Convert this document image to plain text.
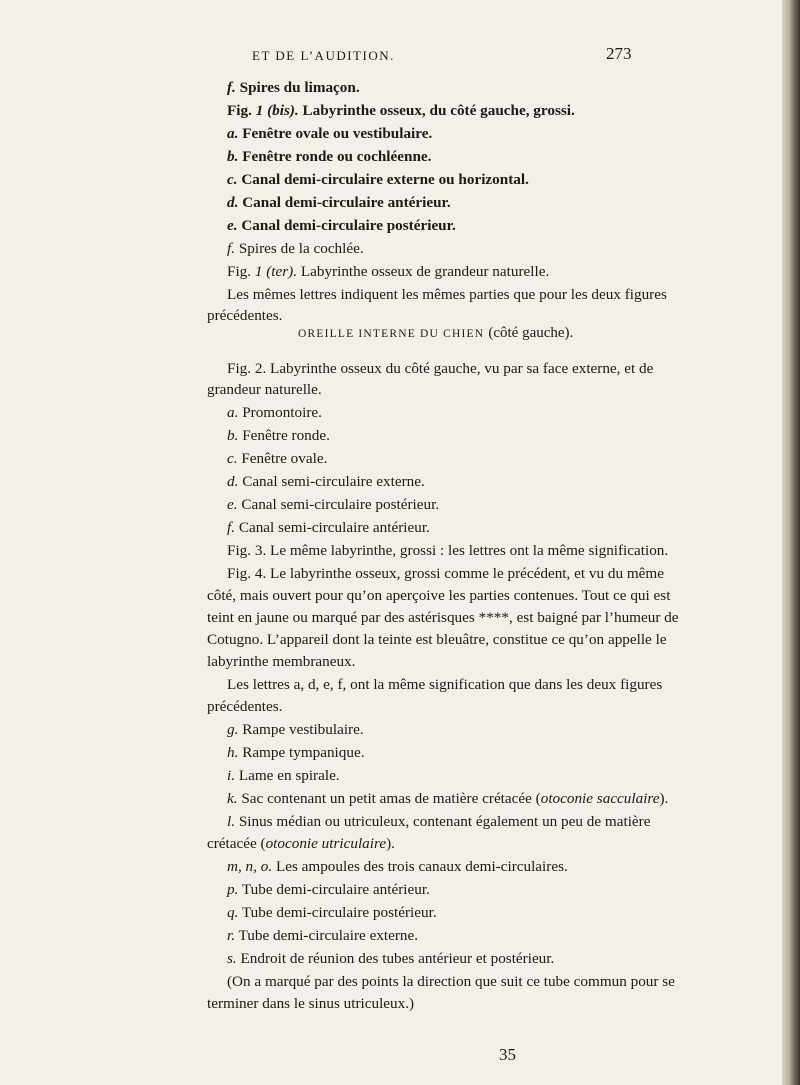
ET DE L’AUDITION.	273
f. Spires du limaçon.
Fig. 1 (bis). Labyrinthe osseux, du côté gauche, grossi.
a. Fenêtre ovale ou vestibulaire.
b. Fenêtre ronde ou cochléenne.
c. Canal demi-circulaire externe ou horizontal.
d. Canal demi-circulaire antérieur.
e. Canal demi-circulaire postérieur.
f. Spires de la cochlée.
Fig. 1 (ter). Labyrinthe osseux de grandeur naturelle.
Les mêmes lettres indiquent les mêmes parties que pour les deux figures
précédentes.
OREILLE INTERNE DU CHIEN (côté gauche).
Fig. 2. Labyrinthe osseux du côté gauche, vu par sa face externe, et de
grandeur naturelle.
a. Promontoire.
b. Fenêtre ronde.
c. Fenêtre ovale.
d. Canal semi-circulaire externe.
e. Canal semi-circulaire postérieur.
f. Canal semi-circulaire antérieur.
Fig. 3. Le même labyrinthe, grossi : les lettres ont la même signification.
Fig. 4. Le labyrinthe osseux, grossi comme le précédent, et vu du même
côté, mais ouvert pour qu’on aperçoive les parties contenues. Tout ce qui est
teint en jaune ou marqué par des astérisques ****, est baigné par l’humeur de
Cotugno. L’appareil dont la teinte est bleuâtre, constitue ce qu’on appelle le
labyrinthe membraneux.
Les lettres a, d, e, f, ont la même signification que dans les deux figures
précédentes.
g. Rampe vestibulaire.
h. Rampe tympanique.
i. Lame en spirale.
k. Sac contenant un petit amas de matière crétacée (otoconie sacculaire).
l. Sinus médian ou utriculeux, contenant également un peu de matière
crétacée (otoconie utriculaire).
m, n, o. Les ampoules des trois canaux demi-circulaires.
p. Tube demi-circulaire antérieur.
q. Tube demi-circulaire postérieur.
r. Tube demi-circulaire externe.
s. Endroit de réunion des tubes antérieur et postérieur.
(On a marqué par des points la direction que suit ce tube commun pour se
terminer dans le sinus utriculeux.)
35
